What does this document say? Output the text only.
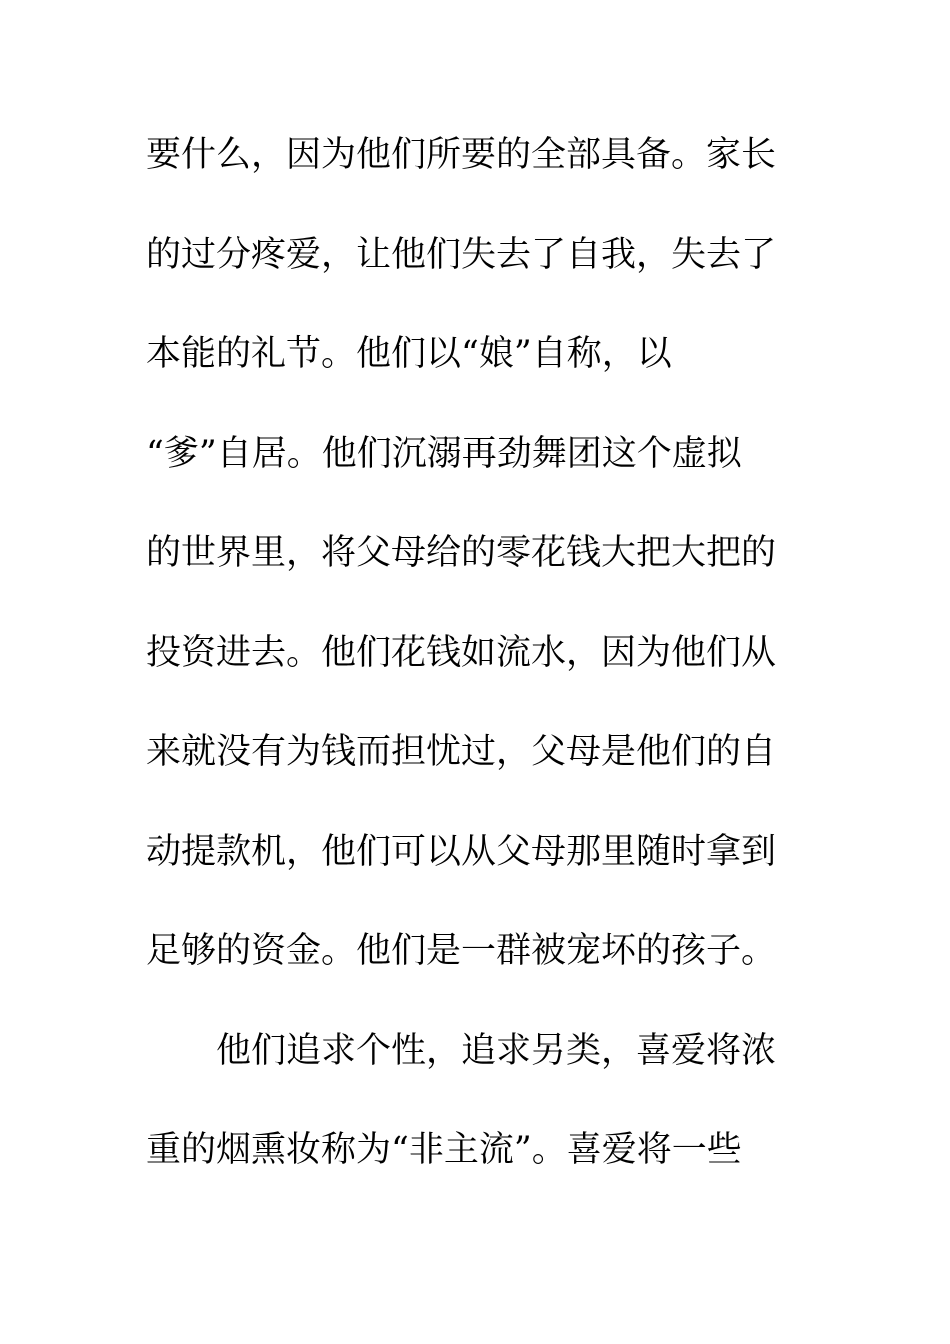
要什么，因为他们所要的全部具备。家长
的过分疼爱，让他们失去了自我，失去了
本能的礼节。他们以“娘”自称，以
“爹”自居。他们沉溺再劲舞团这个虚拟
的世界里，将父母给的零花钱大把大把的
投资进去。他们花钱如流水，因为他们从
来就没有为钱而担忧过，父母是他们的自
动提款机，他们可以从父母那里随时拿到
足够的资金。他们是一群被宠坏的孩子。
他们追求个性，追求另类，喜爱将浓
重的烟熏妆称为“非主流”。喜爱将一些
